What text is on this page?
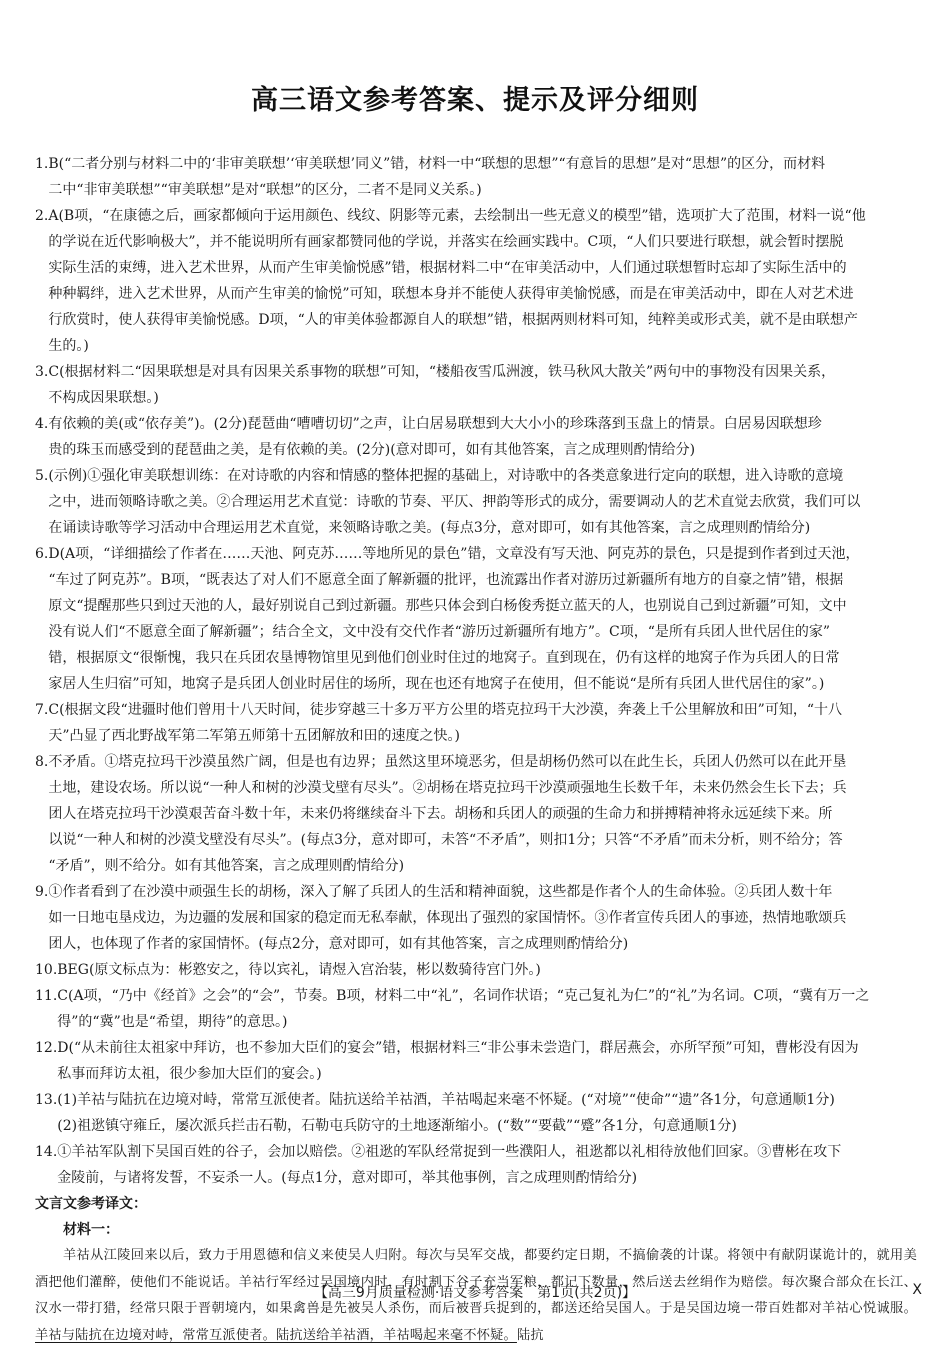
高三语文参考答案、提示及评分细则
1. B(“二者分别与材料二中的‘非审美联想’‘审美联想’同义”错，材料一中“联想的思想”“有意旨的思想”是对“思想”的区分，而材料
二中“非审美联想”“审美联想”是对“联想”的区分，二者不是同义关系。)
2. A(B项，“在康德之后，画家都倾向于运用颜色、线纹、阴影等元素，去绘制出一些无意义的模型”错，选项扩大了范围，材料一说“他
的学说在近代影响极大”，并不能说明所有画家都赞同他的学说，并落实在绘画实践中。C项，“人们只要进行联想，就会暂时摆脱
实际生活的束缚，进入艺术世界，从而产生审美愉悦感”错，根据材料二中“在审美活动中，人们通过联想暂时忘却了实际生活中的
种种羁绊，进入艺术世界，从而产生审美的愉悦”可知，联想本身并不能使人获得审美愉悦感，而是在审美活动中，即在人对艺术进
行欣赏时，使人获得审美愉悦感。D项，“人的审美体验都源自人的联想”错，根据两则材料可知，纯粹美或形式美，就不是由联想产
生的。)
3. C(根据材料二“因果联想是对具有因果关系事物的联想”可知，“楼船夜雪瓜洲渡，铁马秋风大散关”两句中的事物没有因果关系，
不构成因果联想。)
4. 有依赖的美(或“依存美”)。(2分)琵琶曲“嘈嘈切切”之声，让白居易联想到大大小小的珍珠落到玉盘上的情景。白居易因联想珍
贵的珠玉而感受到的琵琶曲之美，是有依赖的美。(2分)(意对即可，如有其他答案，言之成理则酌情给分)
5. (示例)①强化审美联想训练：在对诗歌的内容和情感的整体把握的基础上，对诗歌中的各类意象进行定向的联想，进入诗歌的意境
之中，进而领略诗歌之美。②合理运用艺术直觉：诗歌的节奏、平仄、押韵等形式的成分，需要调动人的艺术直觉去欣赏，我们可以
在诵读诗歌等学习活动中合理运用艺术直觉，来领略诗歌之美。(每点3分，意对即可，如有其他答案，言之成理则酌情给分)
6. D(A项，“详细描绘了作者在……天池、阿克苏……等地所见的景色”错，文章没有写天池、阿克苏的景色，只是提到作者到过天池，
“车过了阿克苏”。B项，“既表达了对人们不愿意全面了解新疆的批评，也流露出作者对游历过新疆所有地方的自豪之情”错，根据
原文“提醒那些只到过天池的人，最好别说自己到过新疆。那些只体会到白杨俊秀挺立蓝天的人，也别说自己到过新疆”可知，文中
没有说人们“不愿意全面了解新疆”；结合全文，文中没有交代作者“游历过新疆所有地方”。C项，“是所有兵团人世代居住的家”
错，根据原文“很惭愧，我只在兵团农垦博物馆里见到他们创业时住过的地窝子。直到现在，仍有这样的地窝子作为兵团人的日常
家居人生归宿”可知，地窝子是兵团人创业时居住的场所，现在也还有地窝子在使用，但不能说“是所有兵团人世代居住的家”。)
7. C(根据文段“进疆时他们曾用十八天时间，徒步穿越三十多万平方公里的塔克拉玛干大沙漠，奔袭上千公里解放和田”可知，“十八
天”凸显了西北野战军第二军第五师第十五团解放和田的速度之快。)
8. 不矛盾。①塔克拉玛干沙漠虽然广阔，但是也有边界；虽然这里环境恶劣，但是胡杨仍然可以在此生长，兵团人仍然可以在此开垦
土地，建设农场。所以说“一种人和树的沙漠戈壁有尽头”。②胡杨在塔克拉玛干沙漠顽强地生长数千年，未来仍然会生长下去；兵
团人在塔克拉玛干沙漠艰苦奋斗数十年，未来仍将继续奋斗下去。胡杨和兵团人的顽强的生命力和拼搏精神将永远延续下来。所
以说“一种人和树的沙漠戈壁没有尽头”。(每点3分，意对即可，未答“不矛盾”，则扣1分；只答“不矛盾”而未分析，则不给分；答
“矛盾”，则不给分。如有其他答案，言之成理则酌情给分)
9. ①作者看到了在沙漠中顽强生长的胡杨，深入了解了兵团人的生活和精神面貌，这些都是作者个人的生命体验。②兵团人数十年
如一日地屯垦戍边，为边疆的发展和国家的稳定而无私奉献，体现出了强烈的家国情怀。③作者宣传兵团人的事迹，热情地歌颂兵
团人，也体现了作者的家国情怀。(每点2分，意对即可，如有其他答案，言之成理则酌情给分)
10. BEG(原文标点为：彬憝安之，待以宾礼，请煜入宫治装，彬以数骑待宫门外。)
11. C(A项，“乃中《经首》之会”的“会”，节奏。B项，材料二中“礼”，名词作状语；“克己复礼为仁”的“礼”为名词。C项，“冀有万一之
得”的“冀”也是“希望，期待”的意思。)
12. D(“从未前往太祖家中拜访，也不参加大臣们的宴会”错，根据材料三“非公事未尝造门，群居燕会，亦所罕预”可知，曹彬没有因为
私事而拜访太祖，很少参加大臣们的宴会。)
13. (1)羊祜与陆抗在边境对峙，常常互派使者。陆抗送给羊祜酒，羊祜喝起来毫不怀疑。(“对境”“使命”“遗”各1分，句意通顺1分)
(2)祖逖镇守雍丘，屡次派兵拦击石勒，石勒屯兵防守的土地逐渐缩小。(“数”“要截”“蹙”各1分，句意通顺1分)
14. ①羊祜军队割下吴国百姓的谷子，会加以赔偿。②祖逖的军队经常捉到一些濮阳人，祖逖都以礼相待放他们回家。③曹彬在攻下
金陵前，与诸将发誓，不妄杀一人。(每点1分，意对即可，举其他事例，言之成理则酌情给分)
文言文参考译文：
材料一：
羊祜从江陵回来以后，致力于用恩德和信义来使吴人归附。每次与吴军交战，都要约定日期，不搞偷袭的计谋。将领中有献阴谋诡计的，就用美酒把他们灌醉，使他们不能说话。羊祜行军经过吴国境内时，有时割下谷子充当军粮，都记下数量，然后送去丝绢作为赔偿。每次聚合部众在长江、汉水一带打猎，经常只限于晋朝境内，如果禽兽是先被吴人杀伤，而后被晋兵捉到的，都送还给吴国人。于是吴国边境一带百姓都对羊祜心悦诚服。羊祜与陆抗在边境对峙，常常互派使者。陆抗送给羊祜酒，羊祜喝起来毫不怀疑。陆抗
【高三9月质量检测·语文参考答案　第1页(共2页)】	X
